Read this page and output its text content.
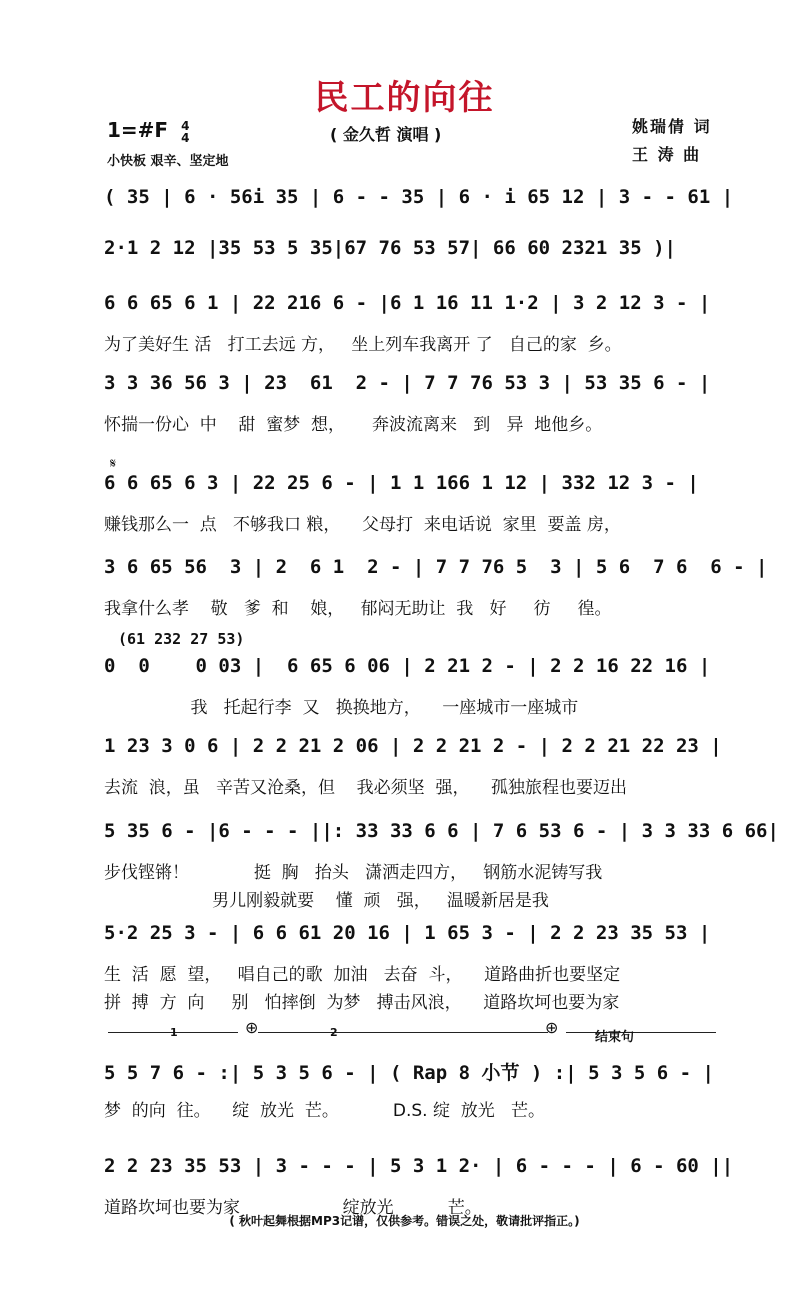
民工的向往
1=#F 4
4
小快板 艰辛、坚定地
( 金久哲 演唱 )	姚瑞倩 词
王 涛 曲
𝄋
(61 232 27 53)
1	2	结束句
⊕	⊕
( 35 | 6 · 56i 35 | 6 - - 35 | 6 · i 65 12 | 3 - - 61 |
2·1 2 12 |35 53 5 35|67 76 53 57| 66 60 2321 35 )|
6 6 65 6 1 | 22 216 6 - |6 1 16 11 1·2 | 3 2 12 3 - |
为了美好生 活   打工去远 方，   坐上列车我离开 了   自己的家  乡。
3 3 36 56 3 | 23  61  2 - | 7 7 76 53 3 | 53 35 6 - |
怀揣一份心  中    甜  蜜梦  想，     奔波流离来   到   异  地他乡。
6 6 65 6 3 | 22 25 6 - | 1 1 166 1 12 | 332 12 3 - |
赚钱那么一  点   不够我口 粮，    父母打  来电话说  家里  要盖 房，
3 6 65 56  3 | 2  6 1  2 - | 7 7 76 5  3 | 5 6  7 6  6 - |
我拿什么孝    敬   爹  和    娘，   郁闷无助让  我   好     彷     徨。
0  0    0 03 |  6 65 6 06 | 2 21 2 - | 2 2 16 22 16 |
我   托起行李  又   换换地方，    一座城市一座城市
1 23 3 0 6 | 2 2 21 2 06 | 2 2 21 2 - | 2 2 21 22 23 |
去流  浪，虽   辛苦又沧桑，但    我必须坚  强，    孤独旅程也要迈出
5 35 6 - |6 - - - ||: 33 33 6 6 | 7 6 53 6 - | 3 3 33 6 66|
步伐铿锵！            挺  胸   抬头   潇洒走四方，   钢筋水泥铸写我
男儿刚毅就要    懂  顽   强，   温暖新居是我
5·2 25 3 - | 6 6 61 20 16 | 1 65 3 - | 2 2 23 35 53 |
生  活  愿  望，   唱自己的歌  加油   去奋  斗，    道路曲折也要坚定
拼  搏  方  向     别   怕摔倒  为梦   搏击风浪，    道路坎坷也要为家
5 5 7 6 - :| 5 3 5 6 - | ( Rap 8 小节 ) :| 5 3 5 6 - |
梦  的向  往。    绽  放光  芒。          D.S. 绽  放光   芒。
2 2 23 35 53 | 3 - - - | 5 3 1 2· | 6 - - - | 6 - 60 ||
道路坎坷也要为家                   绽放光          芒。
( 秋叶起舞根据MP3记谱，仅供参考。错误之处，敬请批评指正。)
